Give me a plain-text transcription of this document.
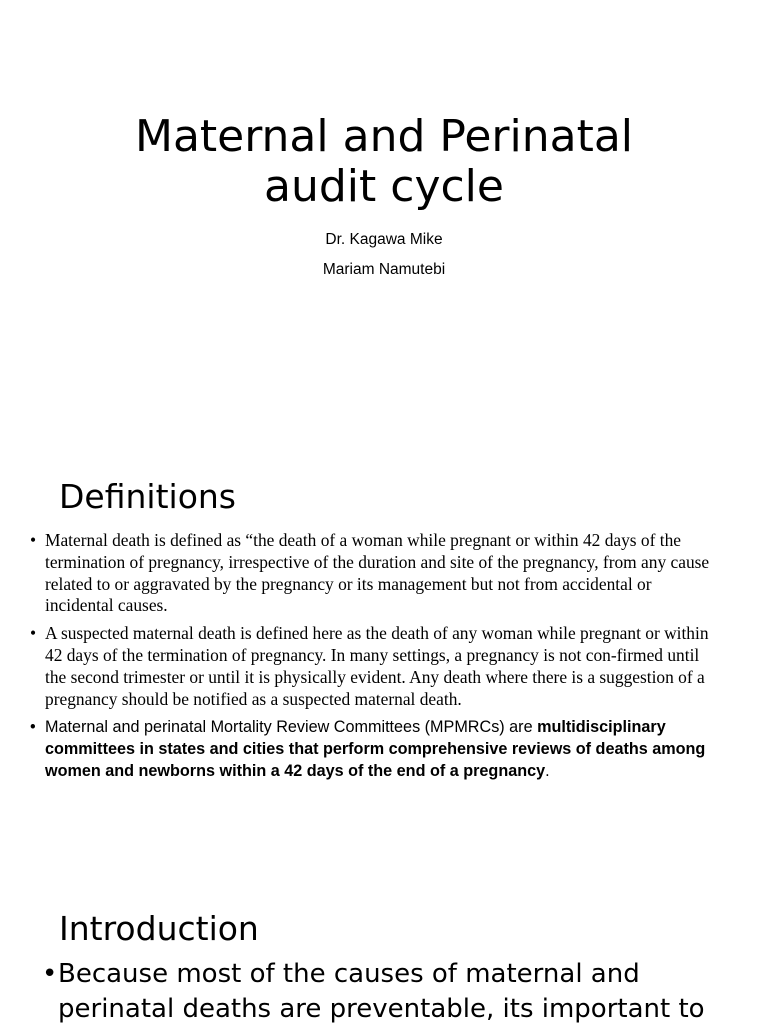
Maternal and Perinatal
audit cycle
Dr. Kagawa Mike
Mariam Namutebi
Definitions
• Maternal death is defined as “the death of a woman while pregnant or within 42 days of the termination of pregnancy, irrespective of the duration and site of the pregnancy, from any cause related to or aggravated by the pregnancy or its management but not from accidental or incidental causes.
• A suspected maternal death is defined here as the death of any woman while pregnant or within 42 days of the termination of pregnancy. In many settings, a pregnancy is not con-firmed until the second trimester or until it is physically evident. Any death where there is a suggestion of a pregnancy should be notified as a suspected maternal death.
• Maternal and perinatal Mortality Review Committees (MPMRCs) are multidisciplinary committees in states and cities that perform comprehensive reviews of deaths among women and newborns within a 42 days of the end of a pregnancy.
Introduction
• Because most of the causes of maternal and perinatal deaths are preventable, its important to
